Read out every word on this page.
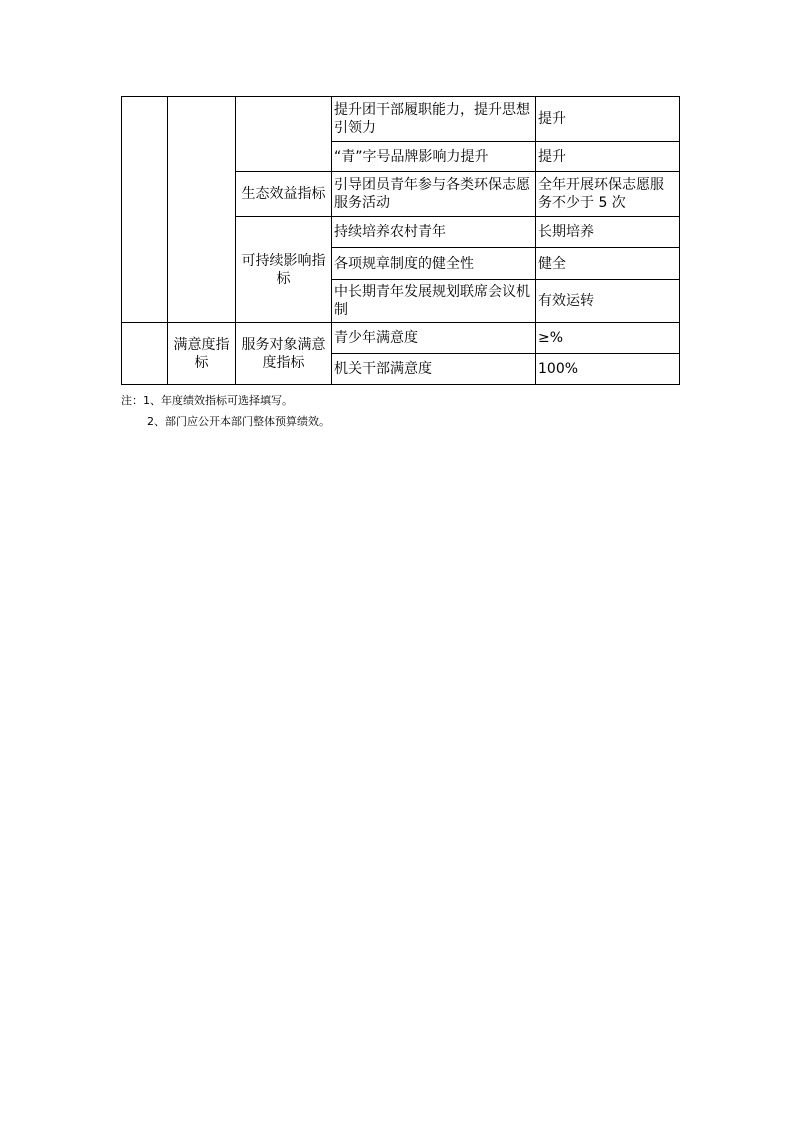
			提升团干部履职能力，提升思想引领力	提升
			“青”字号品牌影响力提升	提升
		生态效益指标	引导团员青年参与各类环保志愿服务活动	全年开展环保志愿服务不少于 5 次
		可持续影响指标	持续培养农村青年	长期培养
			各项规章制度的健全性	健全
			中长期青年发展规划联席会议机制	有效运转
	满意度指标	服务对象满意度指标	青少年满意度	≥%
			机关干部满意度	100%
注：1、年度绩效指标可选择填写。
2、部门应公开本部门整体预算绩效。
